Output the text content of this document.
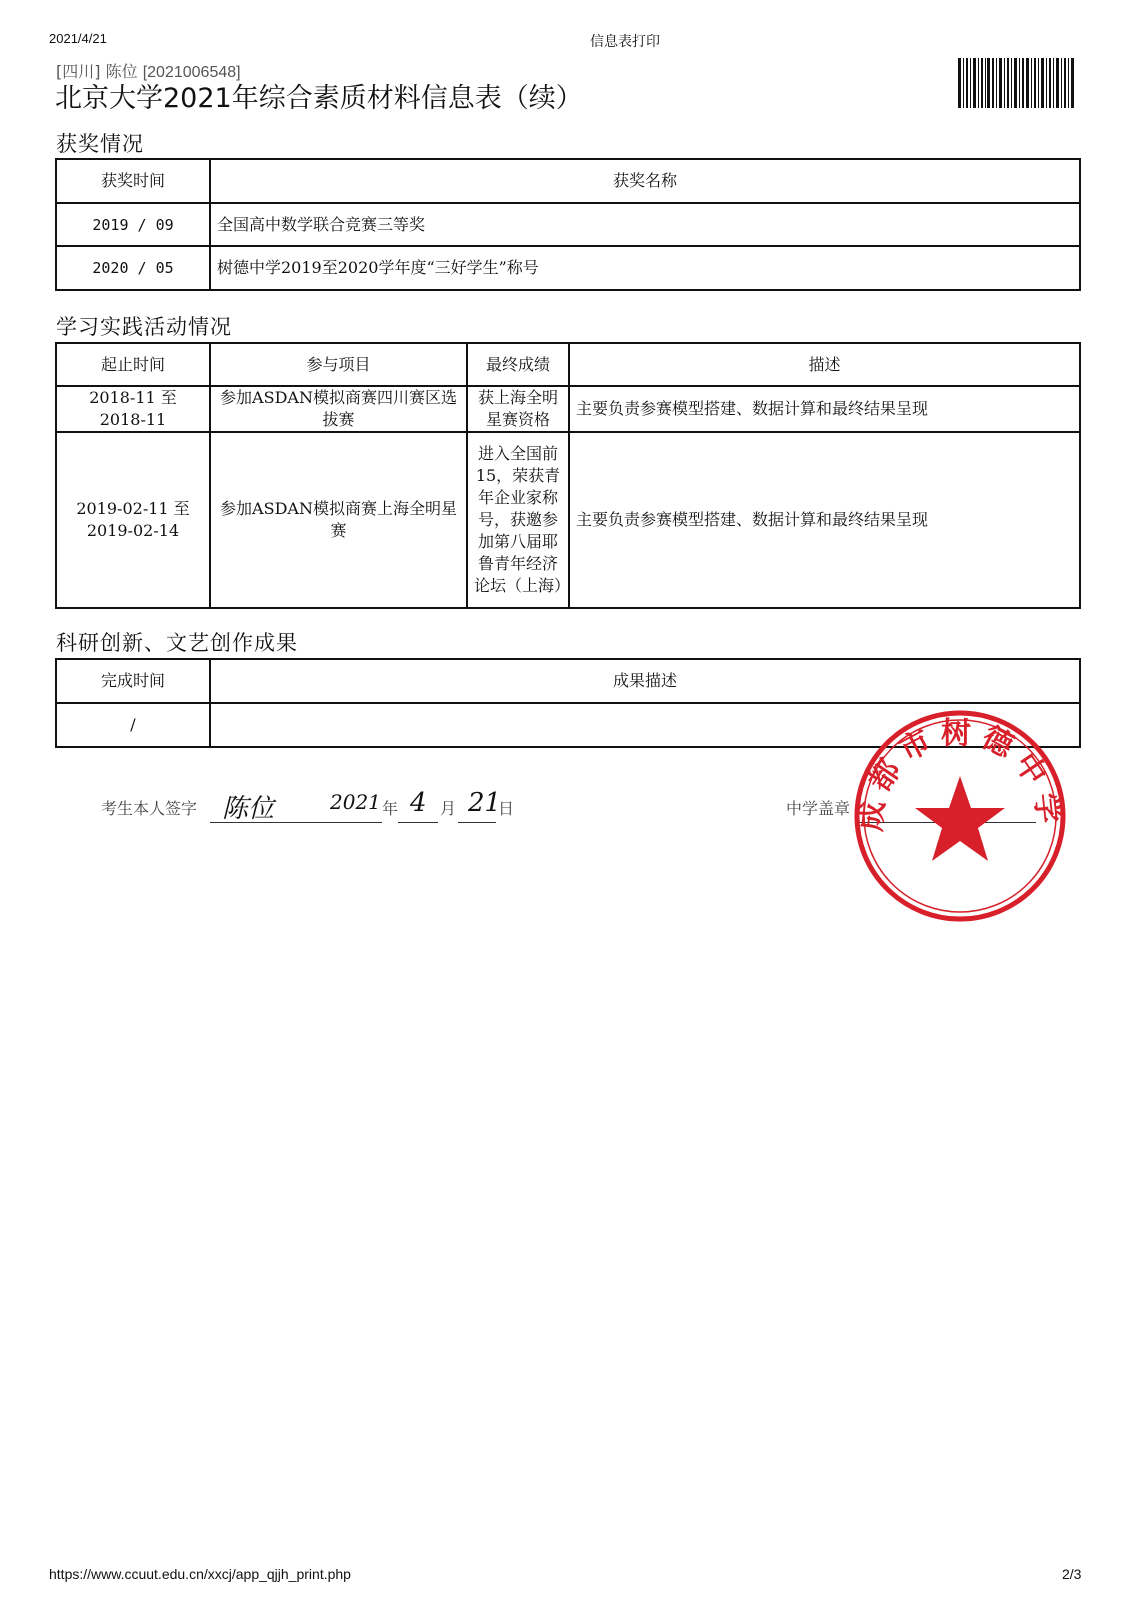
2021/4/21	信息表打印
[四川] 陈位 [2021006548]
北京大学2021年综合素质材料信息表（续）
获奖情况
获奖时间	获奖名称
2019 / 09	全国高中数学联合竞赛三等奖
2020 / 05	树德中学2019至2020学年度“三好学生”称号
学习实践活动情况
起止时间	参与项目	最终成绩	描述
2018-11 至 2018-11	参加ASDAN模拟商赛四川赛区选拔赛	获上海全明星赛资格	主要负责参赛模型搭建、数据计算和最终结果呈现
2019-02-11 至 2019-02-14	参加ASDAN模拟商赛上海全明星赛	进入全国前15，荣获青年企业家称号，获邀参加第八届耶鲁青年经济论坛（上海）	主要负责参赛模型搭建、数据计算和最终结果呈现
科研创新、文艺创作成果
完成时间	成果描述
/	
考生本人签字 陈位	2021 年 4 月 21
日	中学盖章 成都市树德中学
https://www.ccuut.edu.cn/xxcj/app_qjjh_print.php	2/3
